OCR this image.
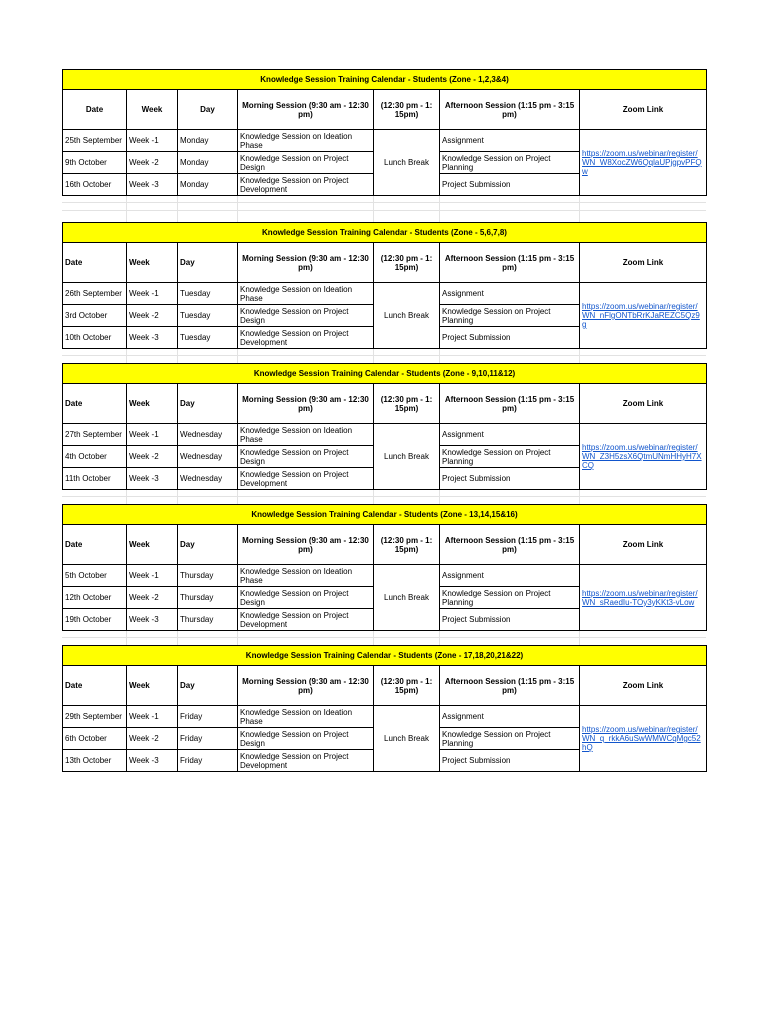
Knowledge Session Training Calendar - Students (Zone - 1,2,3&4)						
Date	Week	Day	Morning Session (9:30 am - 12:30 pm)	(12:30 pm - 1: 15pm)	Afternoon Session (1:15 pm - 3:15 pm)	Zoom Link
25th September	Week -1	Monday	Knowledge Session on Ideation Phase	Lunch Break	Assignment	https://zoom.us/webinar/register/WN_W8XocZW6QqlaUPjgpvPFQw
9th October	Week -2	Monday	Knowledge Session on Project Design		Knowledge Session on Project Planning	
16th October	Week -3	Monday	Knowledge Session on Project Development		Project Submission	
Knowledge Session Training Calendar - Students (Zone - 5,6,7,8)						
Date	Week	Day	Morning Session (9:30 am - 12:30 pm)	(12:30 pm - 1: 15pm)	Afternoon Session (1:15 pm - 3:15 pm)	Zoom Link
26th September	Week -1	Tuesday	Knowledge Session on Ideation Phase	Lunch Break	Assignment	https://zoom.us/webinar/register/WN_nFlgONTbRrKJaREZC5Qz9g
3rd October	Week -2	Tuesday	Knowledge Session on Project Design		Knowledge Session on Project Planning	
10th October	Week -3	Tuesday	Knowledge Session on Project Development		Project Submission	
Knowledge Session Training Calendar - Students (Zone - 9,10,11&12)						
Date	Week	Day	Morning Session (9:30 am - 12:30 pm)	(12:30 pm - 1: 15pm)	Afternoon Session (1:15 pm - 3:15 pm)	Zoom Link
27th September	Week -1	Wednesday	Knowledge Session on Ideation Phase	Lunch Break	Assignment	https://zoom.us/webinar/register/WN_Z3H5zsX6QtmUNmHHyH7XCQ
4th October	Week -2	Wednesday	Knowledge Session on Project Design		Knowledge Session on Project Planning	
11th October	Week -3	Wednesday	Knowledge Session on Project Development		Project Submission	
Knowledge Session Training Calendar - Students (Zone - 13,14,15&16)						
Date	Week	Day	Morning Session (9:30 am - 12:30 pm)	(12:30 pm - 1: 15pm)	Afternoon Session (1:15 pm - 3:15 pm)	Zoom Link
5th October	Week -1	Thursday	Knowledge Session on Ideation Phase	Lunch Break	Assignment	https://zoom.us/webinar/register/WN_sRaedIu-TOy3yKKt3-vLow
12th October	Week -2	Thursday	Knowledge Session on Project Design		Knowledge Session on Project Planning	
19th October	Week -3	Thursday	Knowledge Session on Project Development		Project Submission	
Knowledge Session Training Calendar - Students (Zone - 17,18,20,21&22)						
Date	Week	Day	Morning Session (9:30 am - 12:30 pm)	(12:30 pm - 1: 15pm)	Afternoon Session (1:15 pm - 3:15 pm)	Zoom Link
29th September	Week -1	Friday	Knowledge Session on Ideation Phase	Lunch Break	Assignment	https://zoom.us/webinar/register/WN_q_rkkA6uSwWMWCqMgc52hQ
6th October	Week -2	Friday	Knowledge Session on Project Design		Knowledge Session on Project Planning	
13th October	Week -3	Friday	Knowledge Session on Project Development		Project Submission	
